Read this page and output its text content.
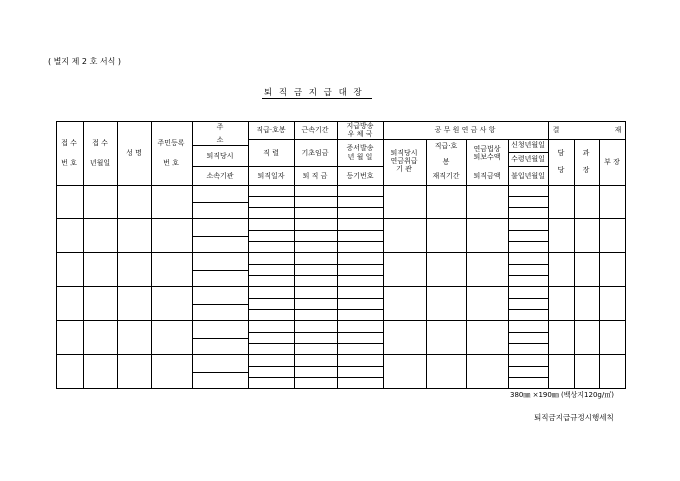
( 별지 제 2 호 서식 )
퇴 직 금 지 급 대 장
접 수
번 호
접 수
년월일
성 명
주민등록
번 호
주
소
퇴직당시
소속기관
직급·호봉
직 렬
퇴직일자
근속기간
기초임금
퇴 직 금
지급방송
우 체 국
증서발송
년 월 일
등기번호
공 무 원 연 금 사 항
퇴직당시
연금취급
기 관
직급·호
봉
재직기간
연금법상
퇴보수액
퇴직금액
신청년월일
수령년월일
불입년월일
결	재
담
당
과
장
부 장
380㎜ ×190㎜ (백상지120g/㎡)
퇴직금지급규정시행세칙
